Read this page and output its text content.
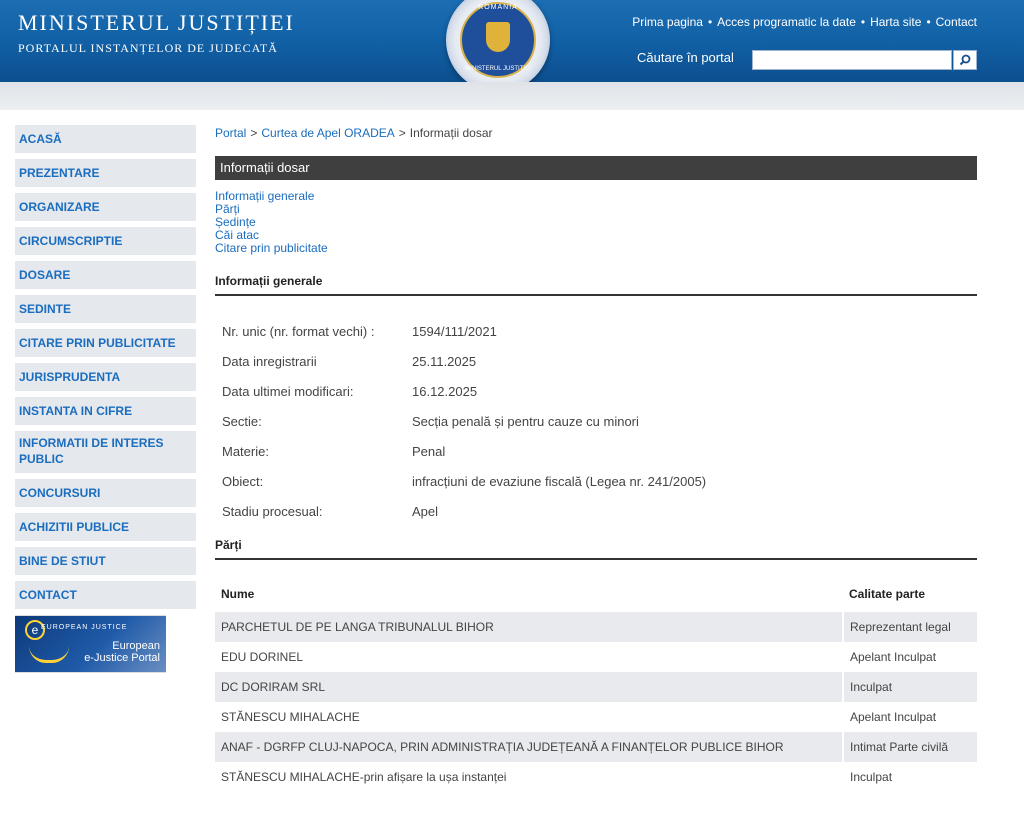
MINISTERUL JUSTIȚIEI
PORTALUL INSTANȚELOR DE JUDECATĂ
ROMANIA
MINISTERUL JUSTIȚIEI
Prima pagina • Acces programatic la date • Harta site • Contact
Căutare în portal
ACASĂ
PREZENTARE
ORGANIZARE
CIRCUMSCRIPTIE
DOSARE
SEDINTE
CITARE PRIN PUBLICITATE
JURISPRUDENTA
INSTANTA IN CIFRE
INFORMATII DE INTERES PUBLIC
CONCURSURI
ACHIZITII PUBLICE
BINE DE STIUT
CONTACT
e EUROPEAN JUSTICE
European
e-Justice Portal
Portal > Curtea de Apel ORADEA > Informații dosar
Informații dosar
Informații generale
Părți
Ședințe
Căi atac
Citare prin publicitate
Informații generale
Nr. unic (nr. format vechi) :	1594/111/2021
Data inregistrarii	25.11.2025
Data ultimei modificari:	16.12.2025
Sectie:	Secția penală și pentru cauze cu minori
Materie:	Penal
Obiect:	infracțiuni de evaziune fiscală (Legea nr. 241/2005)
Stadiu procesual:	Apel
Părți
Nume	Calitate parte
PARCHETUL DE PE LANGA TRIBUNALUL BIHOR	Reprezentant legal
EDU DORINEL	Apelant Inculpat
DC DORIRAM SRL	Inculpat
STĂNESCU MIHALACHE	Apelant Inculpat
ANAF - DGRFP CLUJ-NAPOCA, PRIN ADMINISTRAȚIA JUDEȚEANĂ A FINANȚELOR PUBLICE BIHOR	Intimat Parte civilă
STĂNESCU MIHALACHE-prin afișare la ușa instanței	Inculpat
